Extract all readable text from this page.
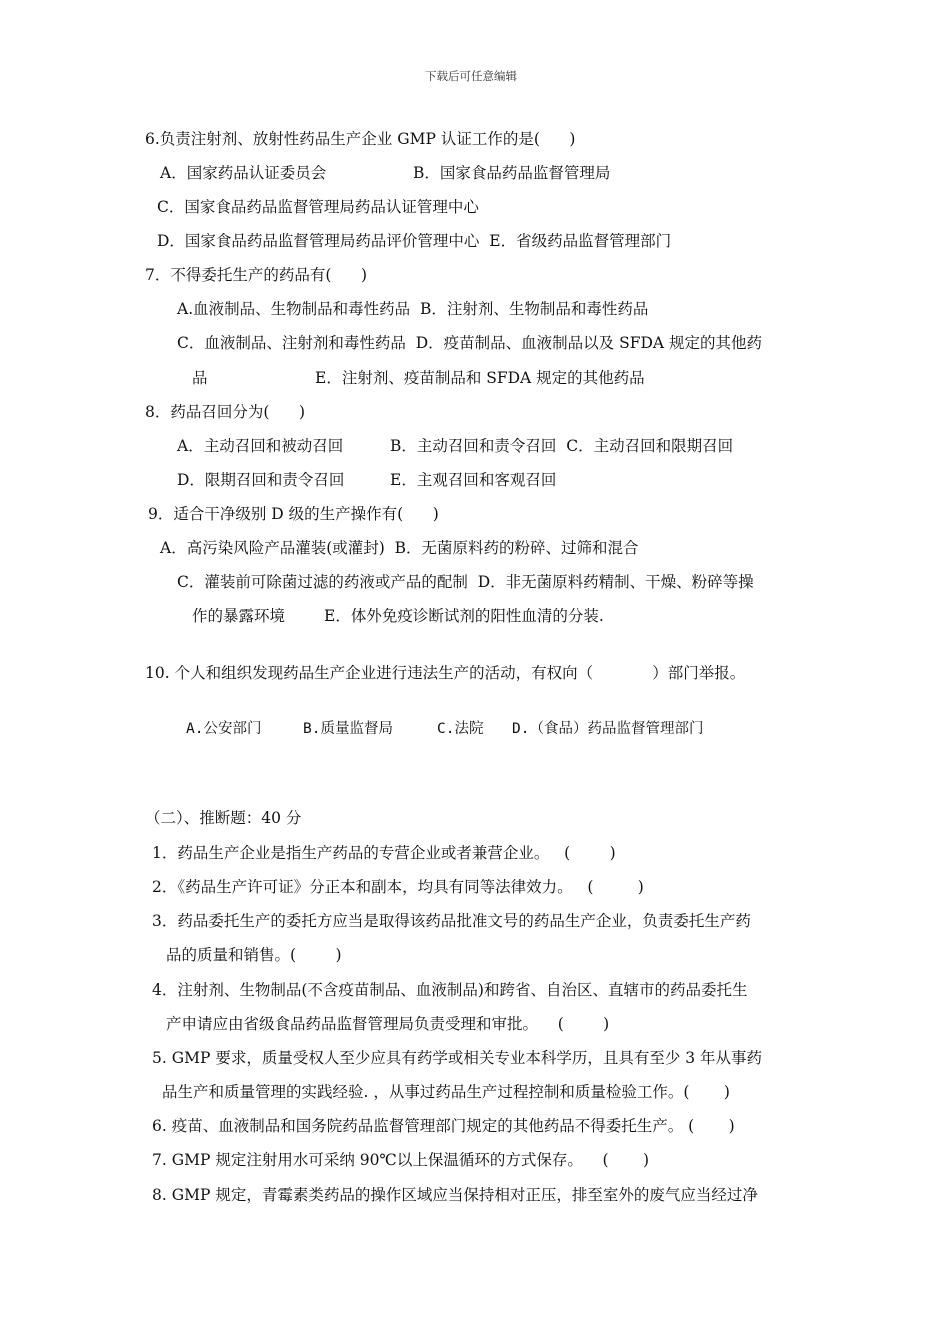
下载后可任意编辑
6.负责注射剂、放射性药品生产企业 GMP 认证工作的是(      )
A．国家药品认证委员会	B．国家食品药品监督管理局
C．国家食品药品监督管理局药品认证管理中心
D．国家食品药品监督管理局药品评价管理中心  E．省级药品监督管理部门
7．不得委托生产的药品有(      )
A.血液制品、生物制品和毒性药品  B．注射剂、生物制品和毒性药品
C．血液制品、注射剂和毒性药品  D．疫苗制品、血液制品以及 SFDA 规定的其他药
品	E．注射剂、疫苗制品和 SFDA 规定的其他药品
8．药品召回分为(      )
A．主动召回和被动召回	B．主动召回和责令召回  C．主动召回和限期召回
D．限期召回和责令召回	E．主观召回和客观召回
9．适合干净级别 D 级的生产操作有(      )
A．高污染风险产品灌装(或灌封)  B．无菌原料药的粉碎、过筛和混合
C．灌装前可除菌过滤的药液或产品的配制  D．非无菌原料药精制、干燥、粉碎等操
作的暴露环境	E．体外免疫诊断试剂的阳性血清的分装.
10. 个人和组织发现药品生产企业进行违法生产的活动，有权向（            ）部门举报。
A.公安部门	B.质量监督局	C.法院 D.（食品）药品监督管理部门
（二）、推断题：40 分
1．药品生产企业是指生产药品的专营企业或者兼营企业。   (        )
2．《药品生产许可证》分正本和副本，均具有同等法律效力。   (         )
3．药品委托生产的委托方应当是取得该药品批准文号的药品生产企业，负责委托生产药
品的质量和销售。(        )
4．注射剂、生物制品(不含疫苗制品、血液制品)和跨省、自治区、直辖市的药品委托生
产申请应由省级食品药品监督管理局负责受理和审批。    (        )
5. GMP 要求，质量受权人至少应具有药学或相关专业本科学历，且具有至少 3 年从事药
品生产和质量管理的实践经验. ，从事过药品生产过程控制和质量检验工作。(       )
6. 疫苗、血液制品和国务院药品监督管理部门规定的其他药品不得委托生产。 (       )
7. GMP 规定注射用水可采纳 90℃以上保温循环的方式保存。    (       )
8. GMP 规定，青霉素类药品的操作区域应当保持相对正压，排至室外的废气应当经过净
